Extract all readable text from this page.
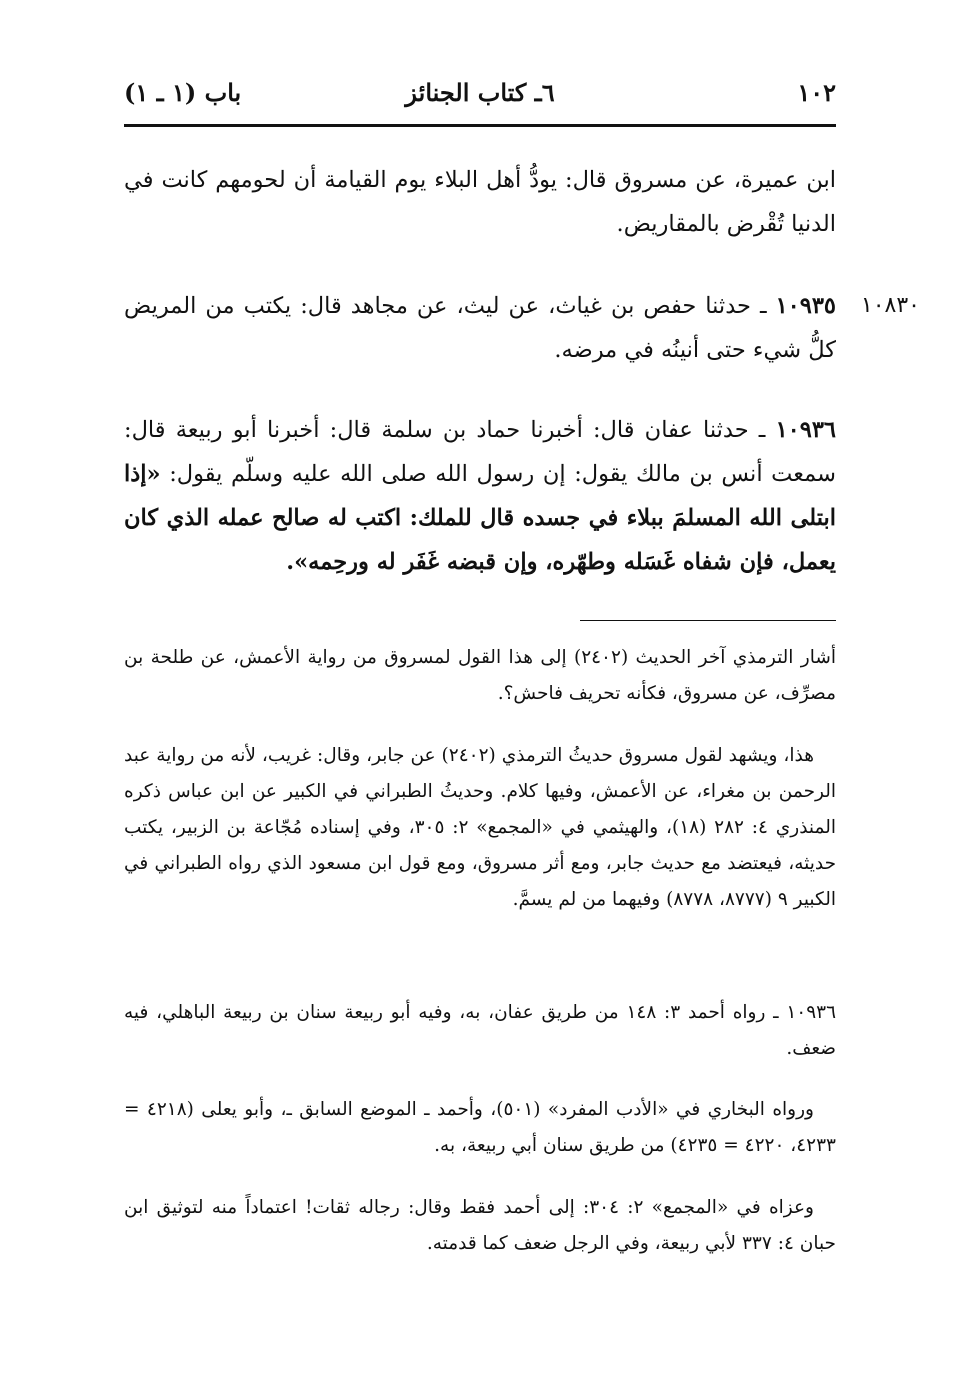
١٠٢
٦ـ كتاب الجنائز
باب (١ ـ ١)
ابن عميرة، عن مسروق قال: يودُّ أهل البلاء يوم القيامة أن لحومهم كانت في الدنيا تُقْرض بالمقاريض.
١٠٨٣٠
١٠٩٣٥ ـ حدثنا حفص بن غياث، عن ليث، عن مجاهد قال: يكتب من المريض كلُّ شيء حتى أنينُه في مرضه.
١٠٩٣٦ ـ حدثنا عفان قال: أخبرنا حماد بن سلمة قال: أخبرنا أبو ربيعة قال: سمعت أنس بن مالك يقول: إن رسول الله صلى الله عليه وسلّم يقول: «إذا ابتلى الله المسلمَ ببلاء في جسده قال للملك: اكتب له صالح عمله الذي كان يعمل، فإن شفاه غَسَله وطهّره، وإن قبضه غَفَر له ورحِمه».
أشار الترمذي آخر الحديث (٢٤٠٢) إلى هذا القول لمسروق من رواية الأعمش، عن طلحة بن مصرِّف، عن مسروق، فكأنه تحريف فاحش؟.
هذا، ويشهد لقول مسروق حديثُ الترمذي (٢٤٠٢) عن جابر، وقال: غريب، لأنه من رواية عبد الرحمن بن مغراء، عن الأعمش، وفيها كلام. وحديثُ الطبراني في الكبير عن ابن عباس ذكره المنذري ٤: ٢٨٢ (١٨)، والهيثمي في «المجمع» ٢: ٣٠٥، وفي إسناده مُجّاعة بن الزبير، يكتب حديثه، فيعتضد مع حديث جابر، ومع أثر مسروق، ومع قول ابن مسعود الذي رواه الطبراني في الكبير ٩ (٨٧٧٧، ٨٧٧٨) وفيهما من لم يسمَّ.
١٠٩٣٦ ـ رواه أحمد ٣: ١٤٨ من طريق عفان، به، وفيه أبو ربيعة سنان بن ربيعة الباهلي، فيه ضعف.
ورواه البخاري في «الأدب المفرد» (٥٠١)، وأحمد ـ الموضع السابق ـ، وأبو يعلى (٤٢١٨ = ٤٢٣٣، ٤٢٢٠ = ٤٢٣٥) من طريق سنان أبي ربيعة، به.
وعزاه في «المجمع» ٢: ٣٠٤: إلى أحمد فقط وقال: رجاله ثقات! اعتماداً منه لتوثيق ابن حبان ٤: ٣٣٧ لأبي ربيعة، وفي الرجل ضعف كما قدمته.
